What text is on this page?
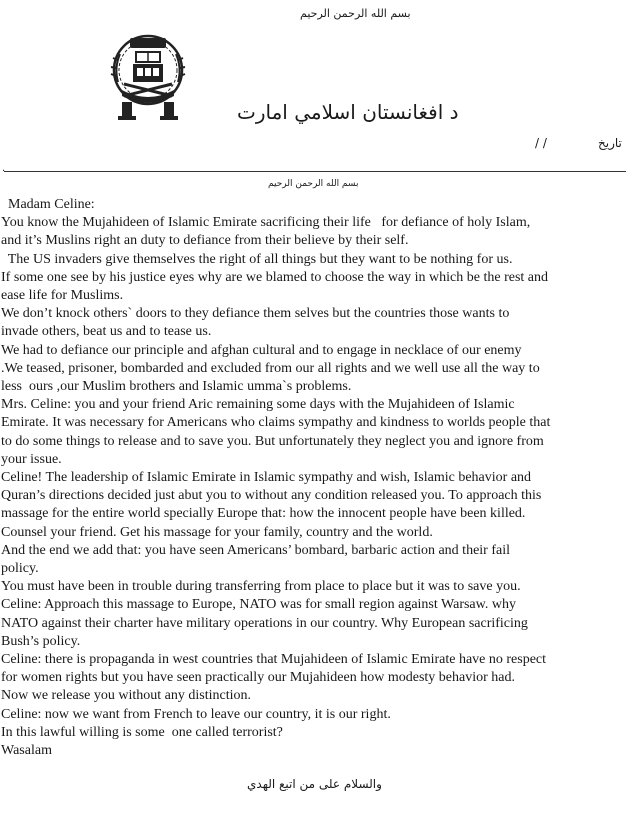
بسم الله الرحمن الرحيم
د افغانستان اسلامي امارت
/ /	تاريخ
.
بسم الله الرحمن الرحيم
Madam Celine:
You know the Mujahideen of Islamic Emirate sacrificing their life   for defiance of holy Islam,
and it’s Muslins right an duty to defiance from their believe by their self.
The US invaders give themselves the right of all things but they want to be nothing for us.
If some one see by his justice eyes why are we blamed to choose the way in which be the rest and
ease life for Muslims.
We don’t knock others` doors to they defiance them selves but the countries those wants to
invade others, beat us and to tease us.
We had to defiance our principle and afghan cultural and to engage in necklace of our enemy
.We teased, prisoner, bombarded and excluded from our all rights and we well use all the way to
less  ours ,our Muslim brothers and Islamic umma`s problems.
Mrs. Celine: you and your friend Aric remaining some days with the Mujahideen of Islamic
Emirate. It was necessary for Americans who claims sympathy and kindness to worlds people that
to do some things to release and to save you. But unfortunately they neglect you and ignore from
your issue.
Celine! The leadership of Islamic Emirate in Islamic sympathy and wish, Islamic behavior and
Quran’s directions decided just abut you to without any condition released you. To approach this
massage for the entire world specially Europe that: how the innocent people have been killed.
Counsel your friend. Get his massage for your family, country and the world.
And the end we add that: you have seen Americans’ bombard, barbaric action and their fail
policy.
You must have been in trouble during transferring from place to place but it was to save you.
Celine: Approach this massage to Europe, NATO was for small region against Warsaw. why
NATO against their charter have military operations in our country. Why European sacrificing
Bush’s policy.
Celine: there is propaganda in west countries that Mujahideen of Islamic Emirate have no respect
for women rights but you have seen practically our Mujahideen how modesty behavior had.
Now we release you without any distinction.
Celine: now we want from French to leave our country, it is our right.
In this lawful willing is some  one called terrorist?
Wasalam
والسلام على من اتبع الهدي
